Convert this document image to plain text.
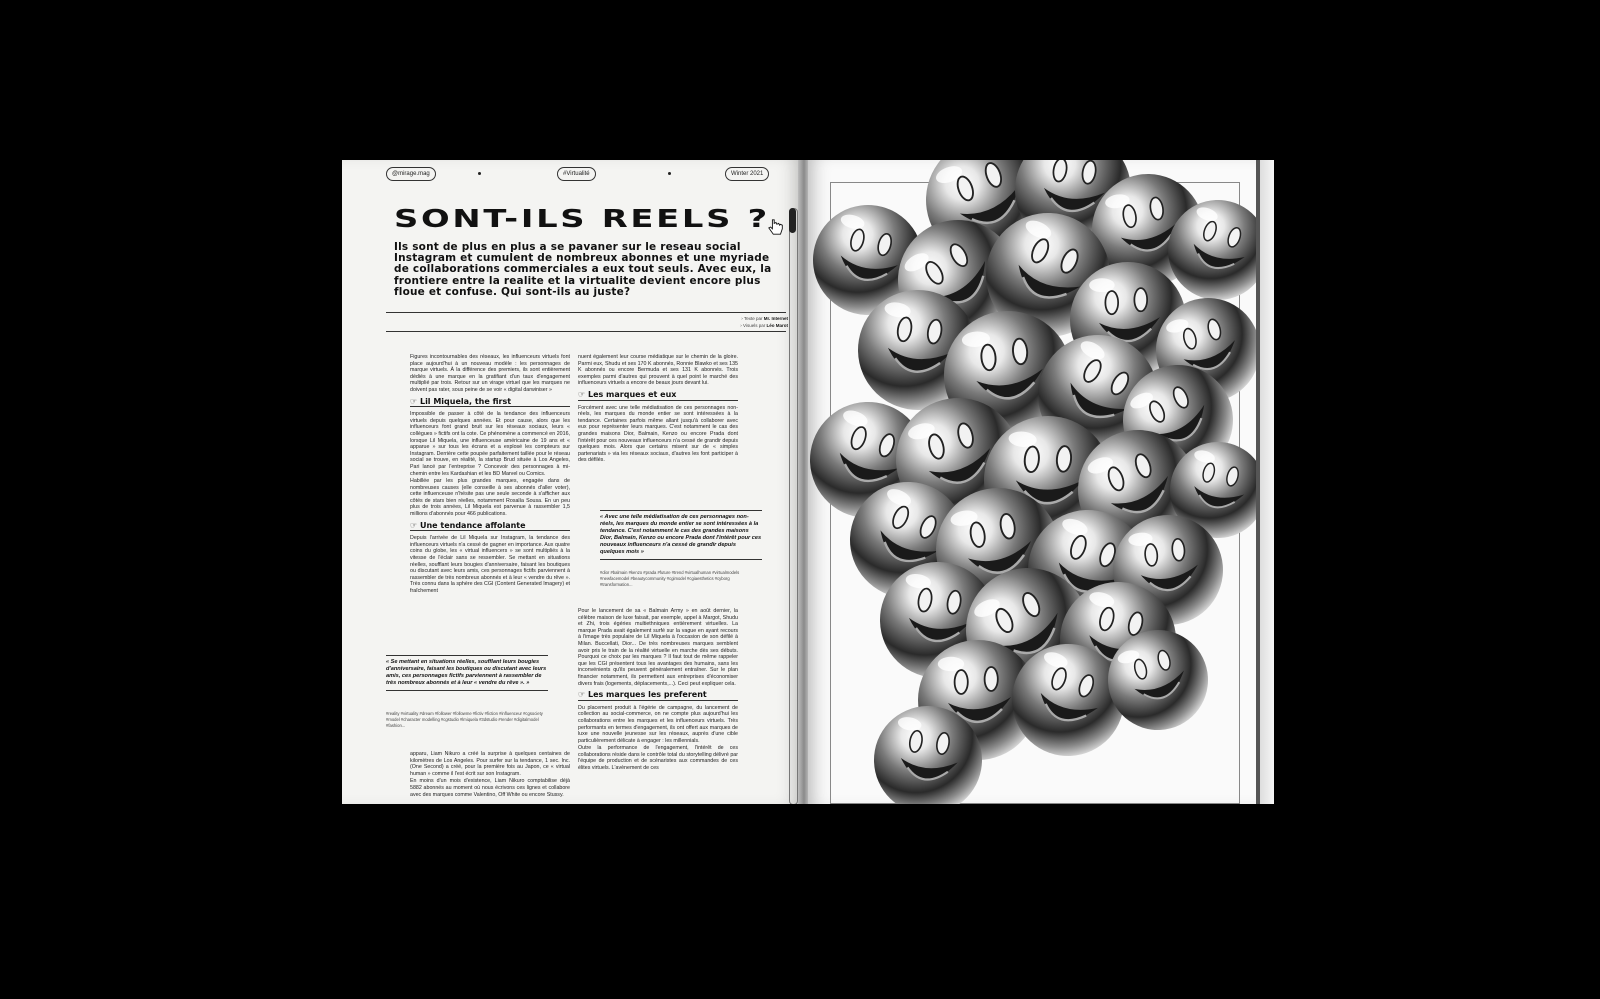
@mirage.mag	#Virtualité	Winter 2021
SONT-ILS REELS ?
Ils sont de plus en plus a se pavaner sur le reseau social Instagram et cumulent de nombreux abonnes et une myriade de collaborations commerciales a eux tout seuls. Avec eux, la frontiere entre la realite et la virtualite devient encore plus floue et confuse. Qui sont-ils au juste?
› Texte par Mr. Internet
› Visuels par Léo Marot

Figures incontournables des réseaux, les influenceurs virtuels font place aujourd'hui à un nouveau modèle : les personnages de marque virtuels. À la différence des premiers, ils sont entièrement dédiés à une marque en la gratifiant d'un taux d'engagement multiplié par trois. Retour sur un virage virtuel que les marques ne doivent pas rater, sous peine de se voir « digital darwiniser »

☞ Lil Miquela, the first

Impossible de passer à côté de la tendance des influenceurs virtuels depuis quelques années. Et pour cause, alors que les influenceurs font grand bruit sur les réseaux sociaux, leurs « collègues » fictifs ont la cote. Ce phénomène a commencé en 2016, lorsque Lil Miquela, une influenceuse américaine de 19 ans et « apparue » sur tous les écrans et a explosé les compteurs sur Instagram. Derrière cette poupée parfaitement taillée pour le réseau social se trouve, en réalité, la startup Brud située à Los Angeles, Pari lancé par l'entreprise ? Concevoir des personnages à mi-chemin entre les Kardashian et les BD Marvel ou Comics.

Habillée par les plus grandes marques, engagée dans de nombreuses causes (elle conseille à ses abonnés d'aller voter), cette influenceuse n'hésite pas une seule seconde à s'afficher aux côtés de stars bien réelles, notamment Rosalía Sousa. En un peu plus de trois années, Lil Miquela est parvenue à rassembler 1,5 millions d'abonnés pour 466 publications.

☞ Une tendance affolante

Depuis l'arrivée de Lil Miquela sur Instagram, la tendance des influenceurs virtuels n'a cessé de gagner en importance. Aux quatre coins du globe, les « virtual influencers » se sont multipliés à la vitesse de l'éclair sans se ressembler. Se mettant en situations réelles, soufflant leurs bougies d'anniversaire, faisant les boutiques ou discutant avec leurs amis, ces personnages fictifs parviennent à rassembler de très nombreux abonnés et à leur « vendre du rêve ». Très connu dans la sphère des CGI (Content Generated Imagery) et fraîchement

« Se mettant en situations réelles, soufflant leurs bougies d'anniversaire, faisant les boutiques ou discutant avec leurs amis, ces personnages fictifs parviennent à rassembler de très nombreux abonnés et à leur « vendre du rêve ». »
#reality #virtuality #dream #follower #followme #fictiv #fiction #influenceur #cgsociety #model #character modelling #cgstudio #lmiquela #3dstudio #render #digitalmodel #fashion...

apparu, Liam Nikuro a créé la surprise à quelques centaines de kilomètres de Los Angeles. Pour surfer sur la tendance, 1 sec. Inc. (One Second) a créé, pour la première fois au Japon, ce « virtual human » comme il l'est écrit sur son Instagram.

En moins d'un mois d'existence, Liam Nikuro comptabilise déjà 5882 abonnés au moment où nous écrivons ces lignes et collabore avec des marques comme Valentino, Off White ou encore Stussy.

nuent également leur course médiatique sur le chemin de la gloire. Parmi eux, Shudu et ses 170 K abonnés, Ronnie Blawko et ses 135 K abonnés ou encore Bermuda et ses 131 K abonnés. Trois exemples parmi d'autres qui prouvent à quel point le marché des influenceurs virtuels a encore de beaux jours devant lui.

☞ Les marques et eux

Forcément avec une telle médiatisation de ces personnages non-réels, les marques du monde entier se sont intéressées à la tendance. Certaines parfois même allant jusqu'à collaborer avec eux pour représenter leurs marques. C'est notamment le cas des grandes maisons Dior, Balmain, Kenzo ou encore Prada dont l'intérêt pour ces nouveaux influenceurs n'a cessé de grandir depuis quelques mois. Alors que certains misent sur de « simples partenariats » via les réseaux sociaux, d'autres les font participer à des défilés.

« Avec une telle médiatisation de ces personnages non-réels, les marques du monde entier se sont intéressées à la tendance. C'est notamment le cas des grandes maisons Dior, Balmain, Kenzo ou encore Prada dont l'intérêt pour ces nouveaux influenceurs n'a cessé de grandir depuis quelques mois »
#dior #balmain #kenzo #prada #future #trend #virtualhuman #virtualmodels #newfacemodel #beautycommunity #cgimodel #cgiaesthetics #cyborg #transformation...

Pour le lancement de sa « Balmain Army » en août dernier, la célèbre maison de luxe faisait, par exemple, appel à Margot, Shudu et Zhi, trois égéries multiethniques entièrement virtuelles. La marque Prada avait également surfé sur la vague en ayant recours à l'image très populaire de Lil Miquela à l'occasion de son défilé à Milan. Buccellati, Dior... De très nombreuses marques semblent avoir pris le train de la réalité virtuelle en marche dès ses débuts. Pourquoi ce choix par les marques ? Il faut tout de même rappeler que les CGI présentent tous les avantages des humains, sans les inconvénients qu'ils peuvent généralement entraîner. Sur le plan financier notamment, ils permettent aux entreprises d'économiser divers frais (logements, déplacements,...). Ceci peut expliquer cela.

☞ Les marques les preferent

Du placement produit à l'égérie de campagne, du lancement de collection au social-commerce, on ne compte plus aujourd'hui les collaborations entre les marques et les influenceurs virtuels. Très performants en termes d'engagement, ils ont offert aux marques de luxe une nouvelle jeunesse sur les réseaux, auprès d'une cible particulièrement délicate à engager : les millennials.

Outre la performance de l'engagement, l'intérêt de ces collaborations réside dans le contrôle total du storytelling délivré par l'équipe de production et de scénaristes aux commandes de ces élites virtuels. L'avènement de ces
